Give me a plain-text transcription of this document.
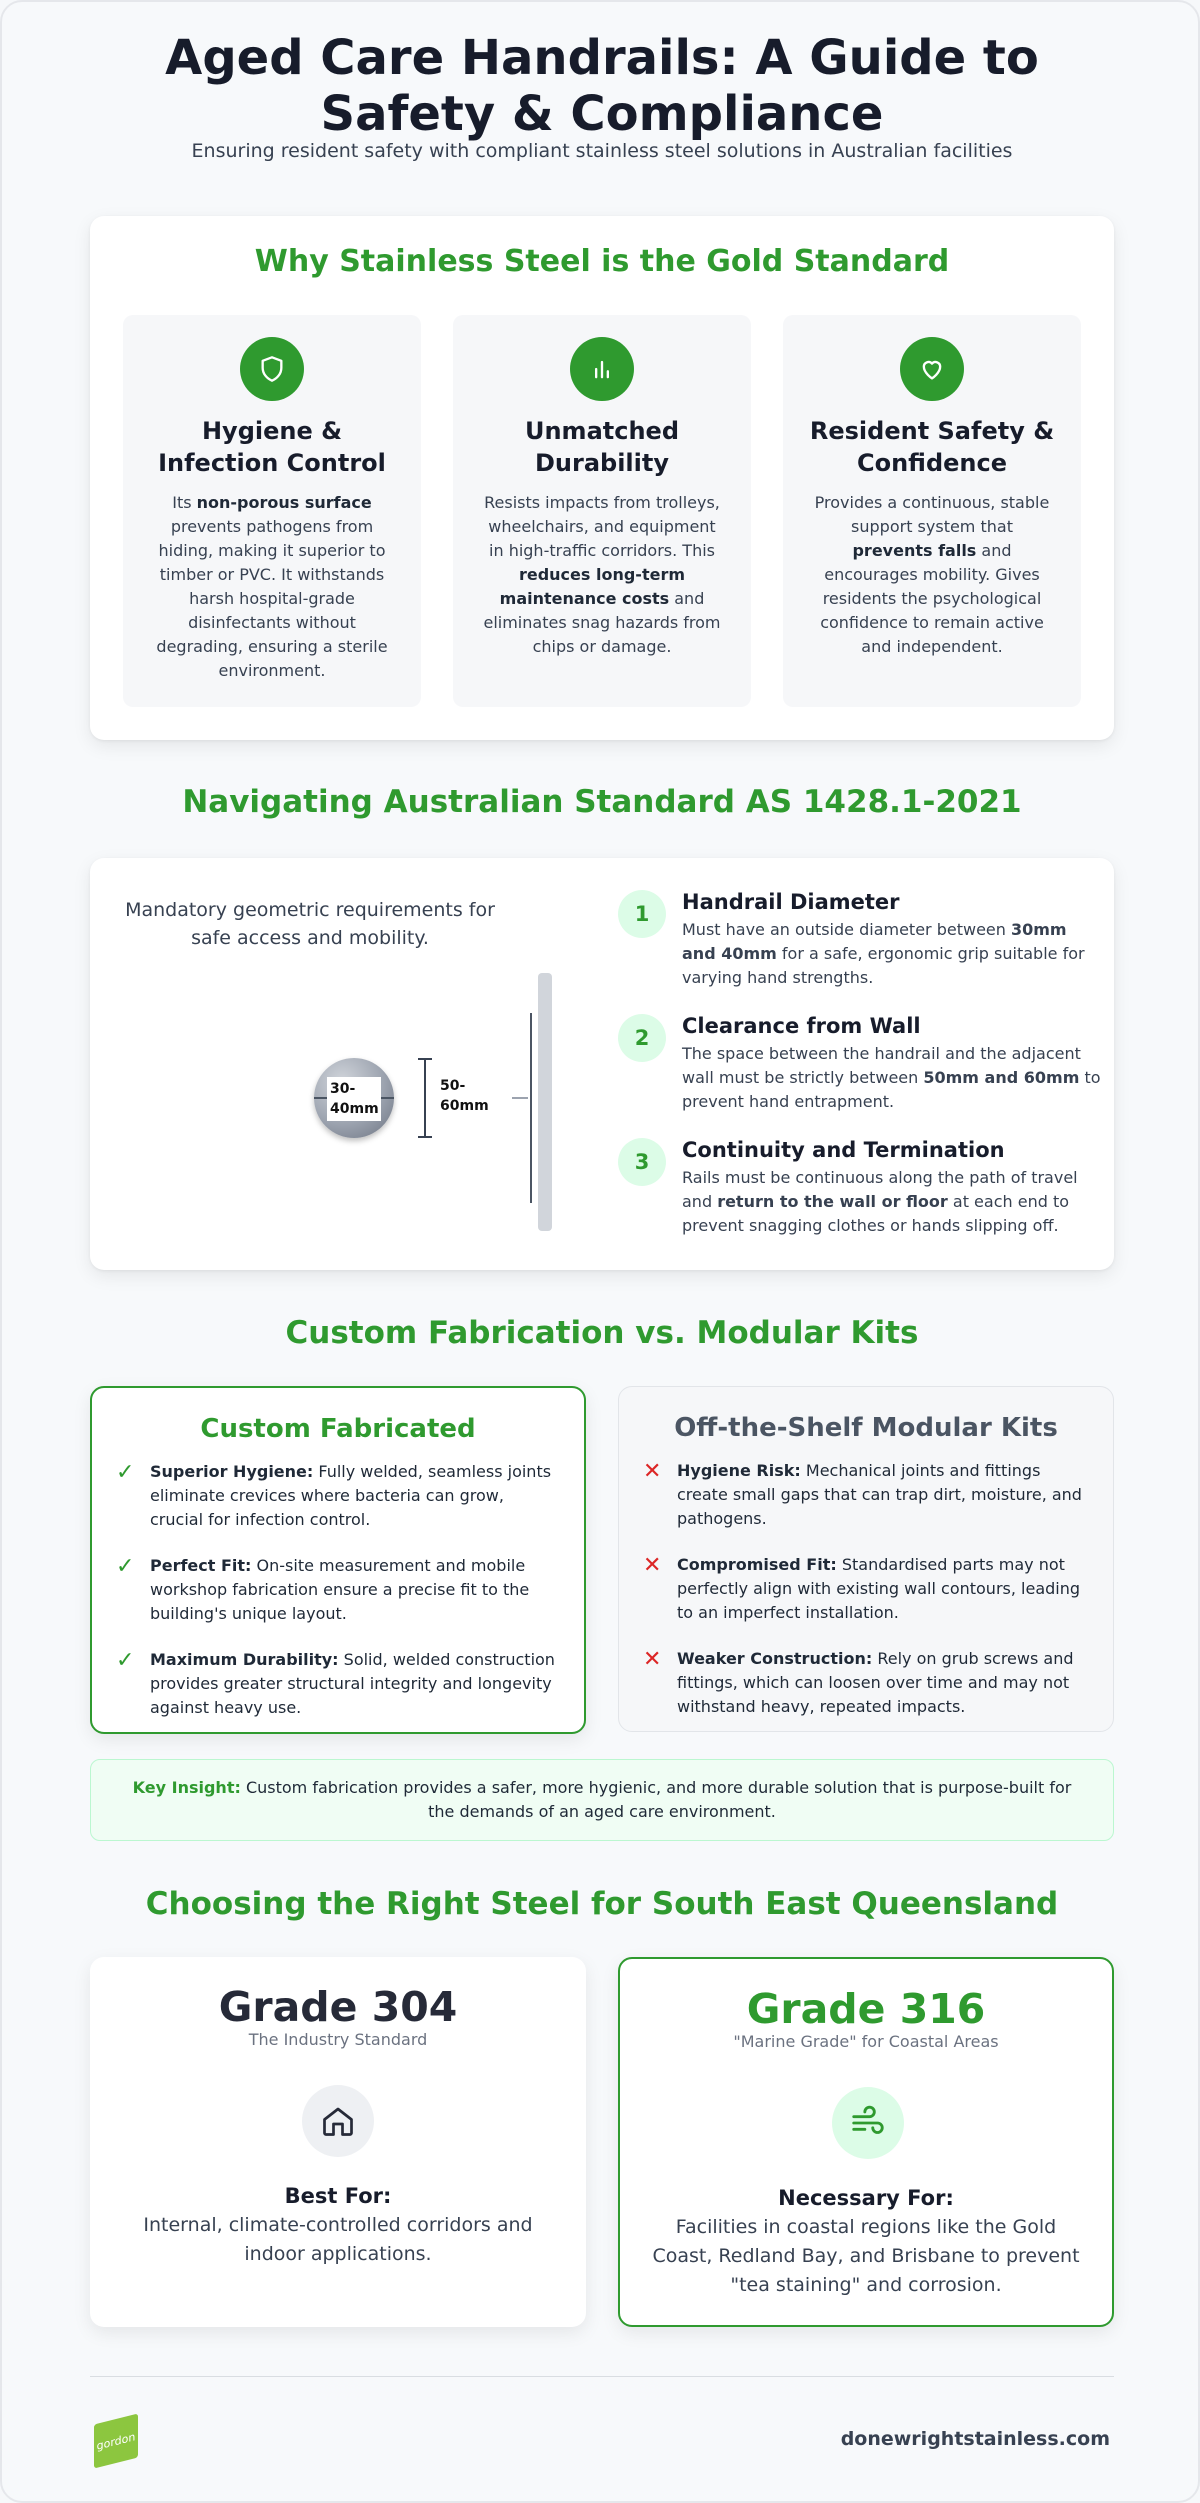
Aged Care Handrails: A Guide to
Safety & Compliance
Ensuring resident safety with compliant stainless steel solutions in Australian facilities
Why Stainless Steel is the Gold Standard
Hygiene &
Infection Control

Its non-porous surface prevents pathogens from hiding, making it superior to timber or PVC. It withstands harsh hospital-grade disinfectants without degrading, ensuring a sterile environment.

Unmatched
Durability

Resists impacts from trolleys, wheelchairs, and equipment in high-traffic corridors. This reduces long-term maintenance costs and eliminates snag hazards from chips or damage.

Resident Safety &
Confidence

Provides a continuous, stable support system that prevents falls and encourages mobility. Gives residents the psychological confidence to remain active and independent.

Navigating Australian Standard AS 1428.1-2021
Mandatory geometric requirements for safe access and mobility.
30-
40mm
50-
60mm
1	Handrail Diameter

Must have an outside diameter between 30mm and 40mm for a safe, ergonomic grip suitable for varying hand strengths.

2	Clearance from Wall

The space between the handrail and the adjacent wall must be strictly between 50mm and 60mm to prevent hand entrapment.

3	Continuity and Termination

Rails must be continuous along the path of travel and return to the wall or floor at each end to prevent snagging clothes or hands slipping off.

Custom Fabrication vs. Modular Kits
Custom Fabricated
✓ Superior Hygiene: Fully welded, seamless joints eliminate crevices where bacteria can grow, crucial for infection control.
✓ Perfect Fit: On-site measurement and mobile workshop fabrication ensure a precise fit to the building's unique layout.
✓ Maximum Durability: Solid, welded construction provides greater structural integrity and longevity against heavy use.
Off-the-Shelf Modular Kits
✕ Hygiene Risk: Mechanical joints and fittings create small gaps that can trap dirt, moisture, and pathogens.
✕ Compromised Fit: Standardised parts may not perfectly align with existing wall contours, leading to an imperfect installation.
✕ Weaker Construction: Rely on grub screws and fittings, which can loosen over time and may not withstand heavy, repeated impacts.
Key Insight: Custom fabrication provides a safer, more hygienic, and more durable solution that is purpose-built for the demands of an aged care environment.
Choosing the Right Steel for South East Queensland
Grade 304
The Industry Standard
Best For:
Internal, climate-controlled corridors and indoor applications.
Grade 316
"Marine Grade" for Coastal Areas
Necessary For:
Facilities in coastal regions like the Gold Coast, Redland Bay, and Brisbane to prevent "tea staining" and corrosion.
gordon	donewrightstainless.com
